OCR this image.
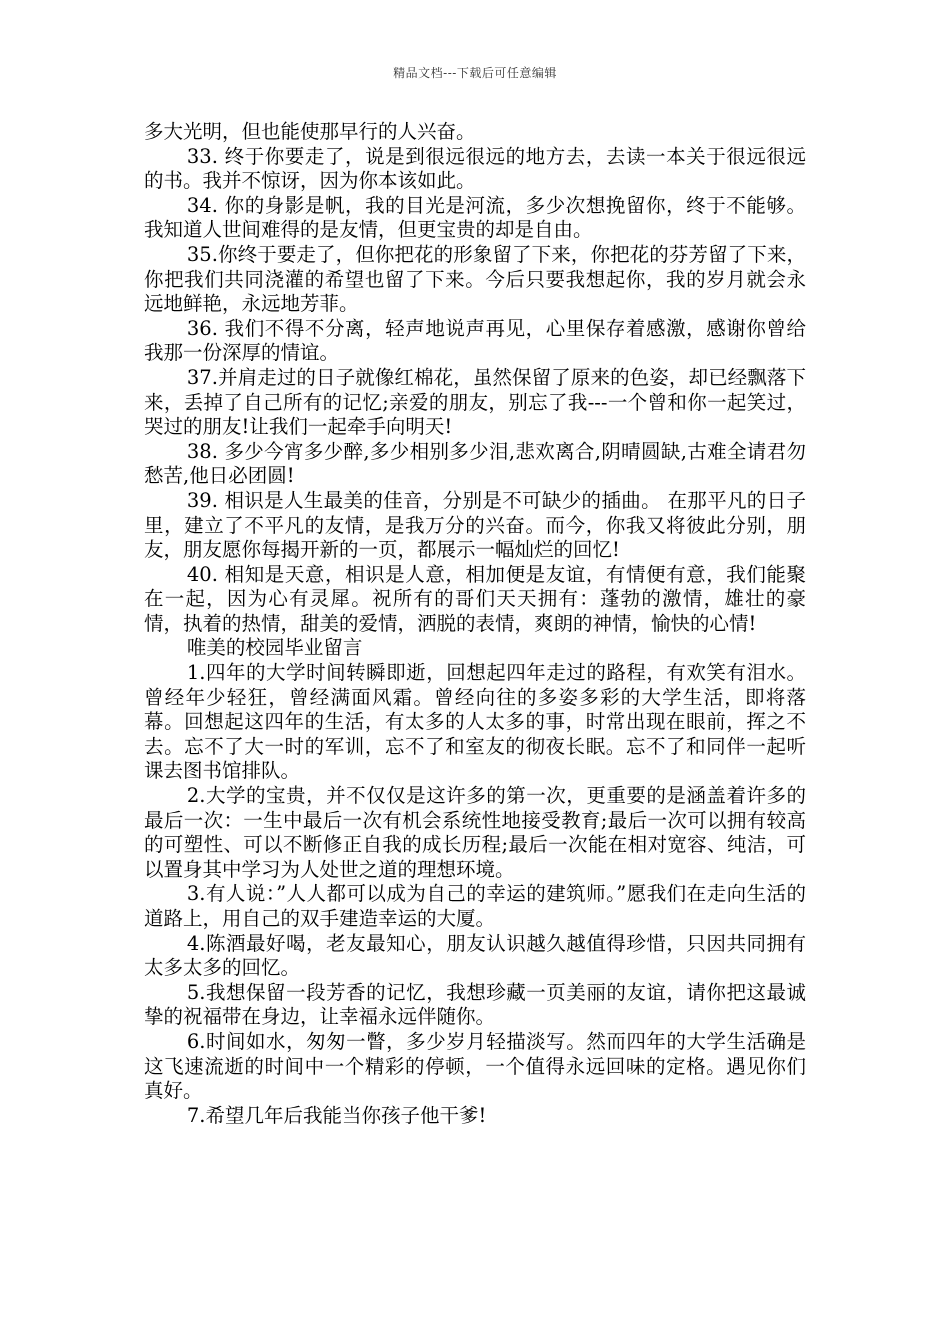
精品文档---下载后可任意编辑

多大光明，但也能使那早行的人兴奋。

33. 终于你要走了，说是到很远很远的地方去，去读一本关于很远很远的书。我并不惊讶，因为你本该如此。

34. 你的身影是帆，我的目光是河流，多少次想挽留你，终于不能够。我知道人世间难得的是友情，但更宝贵的却是自由。

35.你终于要走了，但你把花的形象留了下来，你把花的芬芳留了下来，你把我们共同浇灌的希望也留了下来。今后只要我想起你，我的岁月就会永远地鲜艳，永远地芳菲。

36. 我们不得不分离，轻声地说声再见，心里保存着感激，感谢你曾给我那一份深厚的情谊。

37.并肩走过的日子就像红棉花，虽然保留了原来的色姿，却已经飘落下来，丢掉了自己所有的记忆;亲爱的朋友，别忘了我---一个曾和你一起笑过，哭过的朋友!让我们一起牵手向明天!

38. 多少今宵多少醉,多少相别多少泪,悲欢离合,阴晴圆缺,古难全请君勿愁苦,他日必团圆!

39. 相识是人生最美的佳音，分别是不可缺少的插曲。 在那平凡的日子里，建立了不平凡的友情，是我万分的兴奋。而今，你我又将彼此分别，朋友，朋友愿你每揭开新的一页，都展示一幅灿烂的回忆!

40. 相知是天意，相识是人意，相加便是友谊，有情便有意，我们能聚在一起，因为心有灵犀。祝所有的哥们天天拥有：蓬勃的激情，雄壮的豪情，执着的热情，甜美的爱情，洒脱的表情，爽朗的神情，愉快的心情!

唯美的校园毕业留言

1.四年的大学时间转瞬即逝，回想起四年走过的路程，有欢笑有泪水。曾经年少轻狂，曾经满面风霜。曾经向往的多姿多彩的大学生活，即将落幕。回想起这四年的生活，有太多的人太多的事，时常出现在眼前，挥之不去。忘不了大一时的军训，忘不了和室友的彻夜长眠。忘不了和同伴一起听课去图书馆排队。

2.大学的宝贵，并不仅仅是这许多的第一次，更重要的是涵盖着许多的最后一次：一生中最后一次有机会系统性地接受教育;最后一次可以拥有较高的可塑性、可以不断修正自我的成长历程;最后一次能在相对宽容、纯洁，可以置身其中学习为人处世之道的理想环境。

3.有人说：”人人都可以成为自己的幸运的建筑师。”愿我们在走向生活的道路上，用自己的双手建造幸运的大厦。

4.陈酒最好喝，老友最知心，朋友认识越久越值得珍惜，只因共同拥有太多太多的回忆。

5.我想保留一段芳香的记忆，我想珍藏一页美丽的友谊，请你把这最诚挚的祝福带在身边，让幸福永远伴随你。

6.时间如水，匆匆一瞥，多少岁月轻描淡写。然而四年的大学生活确是这飞速流逝的时间中一个精彩的停顿，一个值得永远回味的定格。遇见你们真好。

7.希望几年后我能当你孩子他干爹!
